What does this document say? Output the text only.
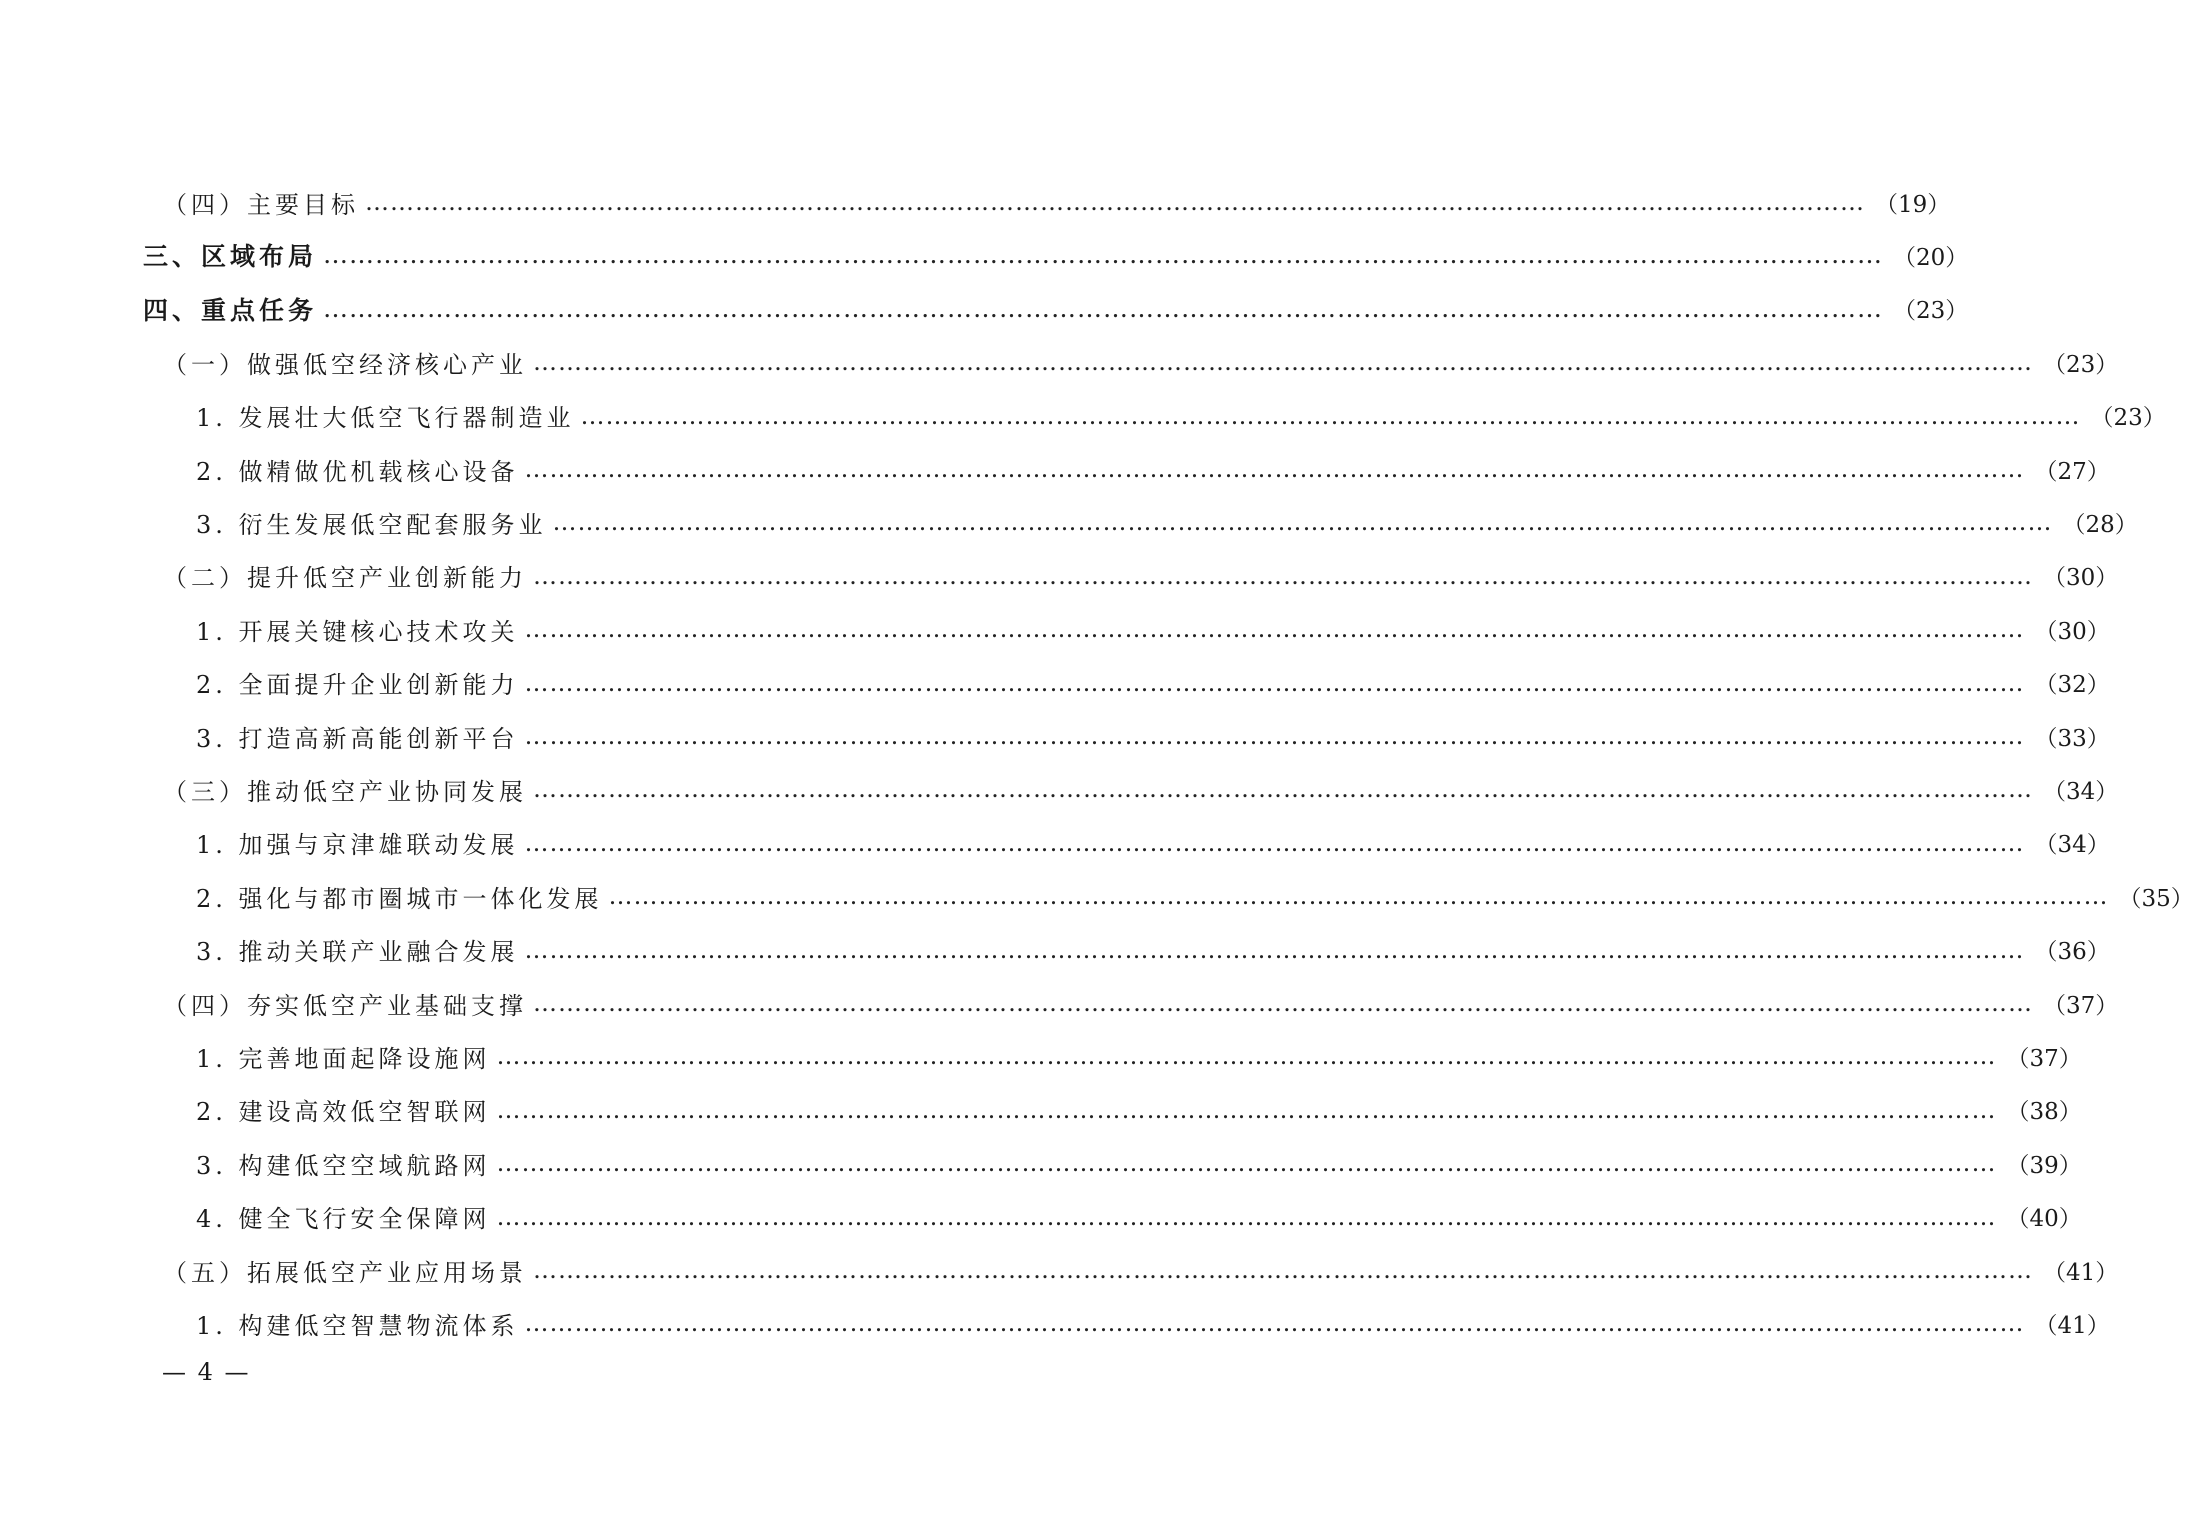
（四）主要目标 ……………………………………………………………………………………………………………………………………………………………… （19）
三、区域布局 ……………………………………………………………………………………………………………………………………………………………… （20）
四、重点任务 ……………………………………………………………………………………………………………………………………………………………… （23）
（一）做强低空经济核心产业 ……………………………………………………………………………………………………………………………………………………………… （23）
1. 发展壮大低空飞行器制造业 ……………………………………………………………………………………………………………………………………………………………… （23）
2. 做精做优机载核心设备 ……………………………………………………………………………………………………………………………………………………………… （27）
3. 衍生发展低空配套服务业 ……………………………………………………………………………………………………………………………………………………………… （28）
（二）提升低空产业创新能力 ……………………………………………………………………………………………………………………………………………………………… （30）
1. 开展关键核心技术攻关 ……………………………………………………………………………………………………………………………………………………………… （30）
2. 全面提升企业创新能力 ……………………………………………………………………………………………………………………………………………………………… （32）
3. 打造高新高能创新平台 ……………………………………………………………………………………………………………………………………………………………… （33）
（三）推动低空产业协同发展 ……………………………………………………………………………………………………………………………………………………………… （34）
1. 加强与京津雄联动发展 ……………………………………………………………………………………………………………………………………………………………… （34）
2. 强化与都市圈城市一体化发展 ……………………………………………………………………………………………………………………………………………………………… （35）
3. 推动关联产业融合发展 ……………………………………………………………………………………………………………………………………………………………… （36）
（四）夯实低空产业基础支撑 ……………………………………………………………………………………………………………………………………………………………… （37）
1. 完善地面起降设施网 ……………………………………………………………………………………………………………………………………………………………… （37）
2. 建设高效低空智联网 ……………………………………………………………………………………………………………………………………………………………… （38）
3. 构建低空空域航路网 ……………………………………………………………………………………………………………………………………………………………… （39）
4. 健全飞行安全保障网 ……………………………………………………………………………………………………………………………………………………………… （40）
（五）拓展低空产业应用场景 ……………………………………………………………………………………………………………………………………………………………… （41）
1. 构建低空智慧物流体系 ……………………………………………………………………………………………………………………………………………………………… （41）
— 4 —
